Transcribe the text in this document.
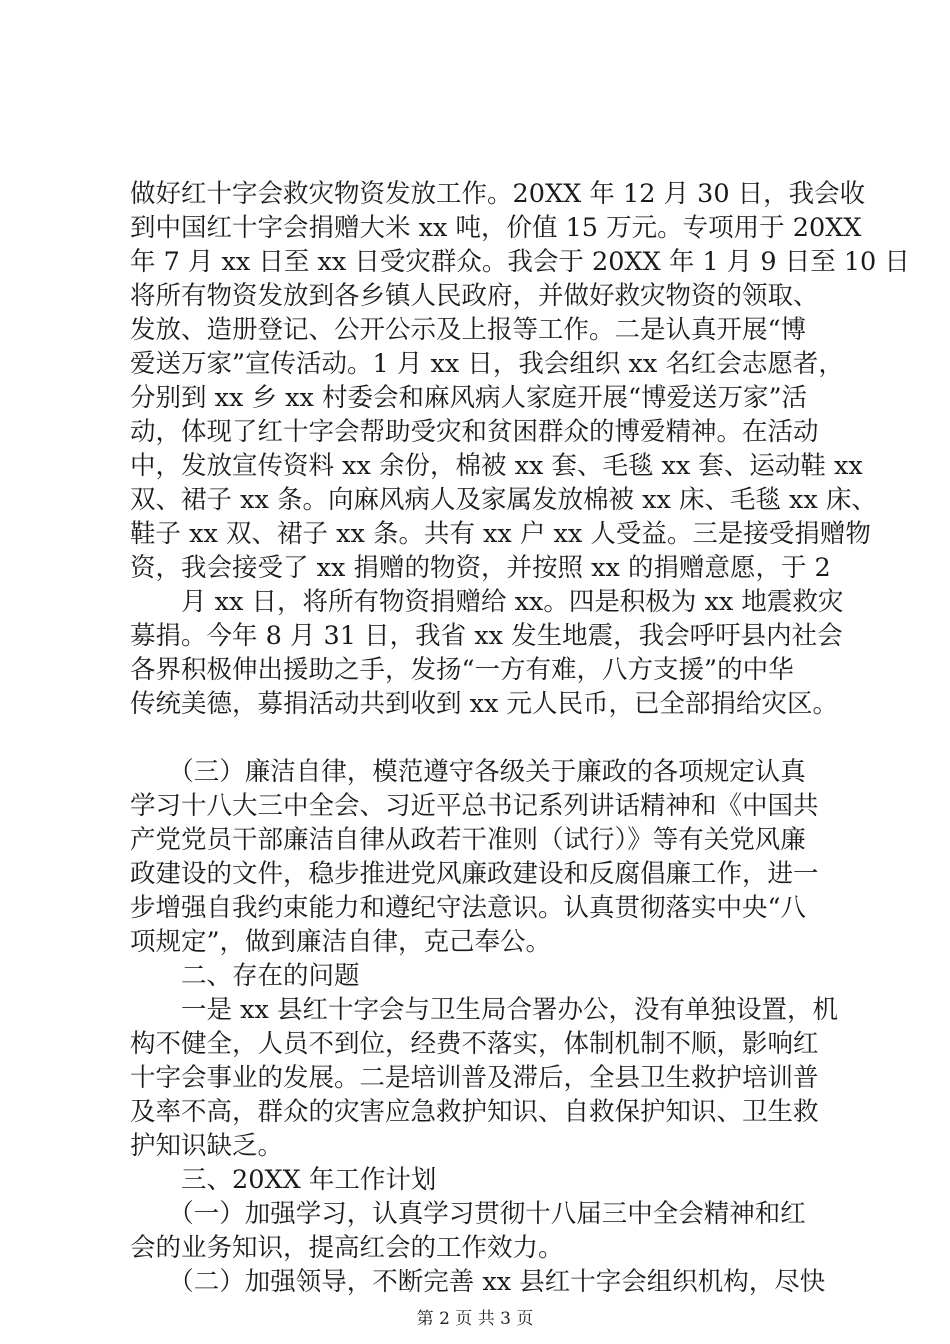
做好红十字会救灾物资发放工作。20XX 年 12 月 30 日，我会收
到中国红十字会捐赠大米 xx 吨，价值 15 万元。专项用于 20XX
年 7 月 xx 日至 xx 日受灾群众。我会于 20XX 年 1 月 9 日至 10 日
将所有物资发放到各乡镇人民政府，并做好救灾物资的领取、
发放、造册登记、公开公示及上报等工作。二是认真开展“博
爱送万家”宣传活动。1 月 xx 日，我会组织 xx 名红会志愿者，
分别到 xx 乡 xx 村委会和麻风病人家庭开展“博爱送万家”活
动，体现了红十字会帮助受灾和贫困群众的博爱精神。在活动
中，发放宣传资料 xx 余份，棉被 xx 套、毛毯 xx 套、运动鞋 xx
双、裙子 xx 条。向麻风病人及家属发放棉被 xx 床、毛毯 xx 床、
鞋子 xx 双、裙子 xx 条。共有 xx 户 xx 人受益。三是接受捐赠物
资，我会接受了 xx 捐赠的物资，并按照 xx 的捐赠意愿，于 2
　　月 xx 日，将所有物资捐赠给 xx。四是积极为 xx 地震救灾
募捐。今年 8 月 31 日，我省 xx 发生地震，我会呼吁县内社会
各界积极伸出援助之手，发扬“一方有难，八方支援”的中华
传统美德，募捐活动共到收到 xx 元人民币，已全部捐给灾区。
　　（三）廉洁自律，模范遵守各级关于廉政的各项规定认真
学习十八大三中全会、习近平总书记系列讲话精神和《中国共
产党党员干部廉洁自律从政若干准则（试行）》等有关党风廉
政建设的文件，稳步推进党风廉政建设和反腐倡廉工作，进一
步增强自我约束能力和遵纪守法意识。认真贯彻落实中央“八
项规定”，做到廉洁自律，克己奉公。
　　二、存在的问题
　　一是 xx 县红十字会与卫生局合署办公，没有单独设置，机
构不健全，人员不到位，经费不落实，体制机制不顺，影响红
十字会事业的发展。二是培训普及滞后，全县卫生救护培训普
及率不高，群众的灾害应急救护知识、自救保护知识、卫生救
护知识缺乏。
　　三、20XX 年工作计划
　　（一）加强学习，认真学习贯彻十八届三中全会精神和红
会的业务知识，提高红会的工作效力。
　　（二）加强领导，不断完善 xx 县红十字会组织机构，尽快
第 2 页 共 3 页
